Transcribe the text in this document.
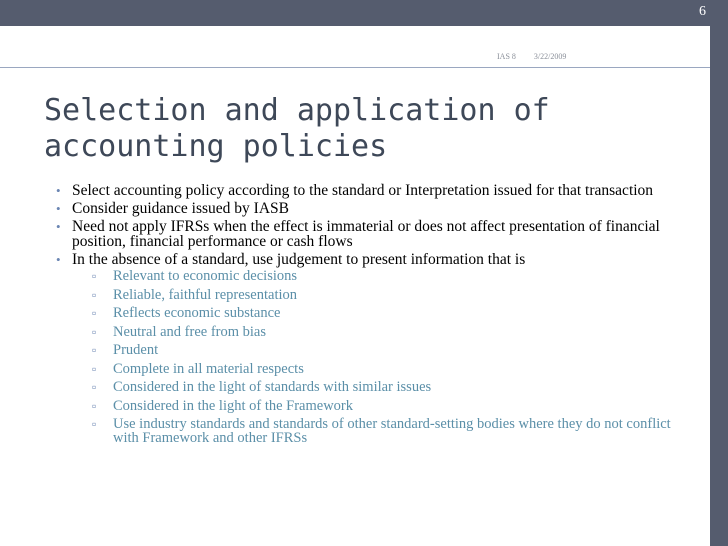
6
IAS 8 3/22/2009
Selection and application of accounting policies
• Select accounting policy according to the standard or Interpretation issued for that transaction
• Consider guidance issued by IASB
• Need not apply IFRSs when the effect is immaterial or does not affect presentation of financial position, financial performance or cash flows
• In the absence of a standard, use judgement to present information that is
▫ Relevant to economic decisions
▫ Reliable, faithful representation
▫ Reflects economic substance
▫ Neutral and free from bias
▫ Prudent
▫ Complete in all material respects
▫ Considered in the light of standards with similar issues
▫ Considered in the light of the Framework
▫ Use industry standards and standards of other standard-setting bodies where they do not conflict with Framework and other IFRSs
